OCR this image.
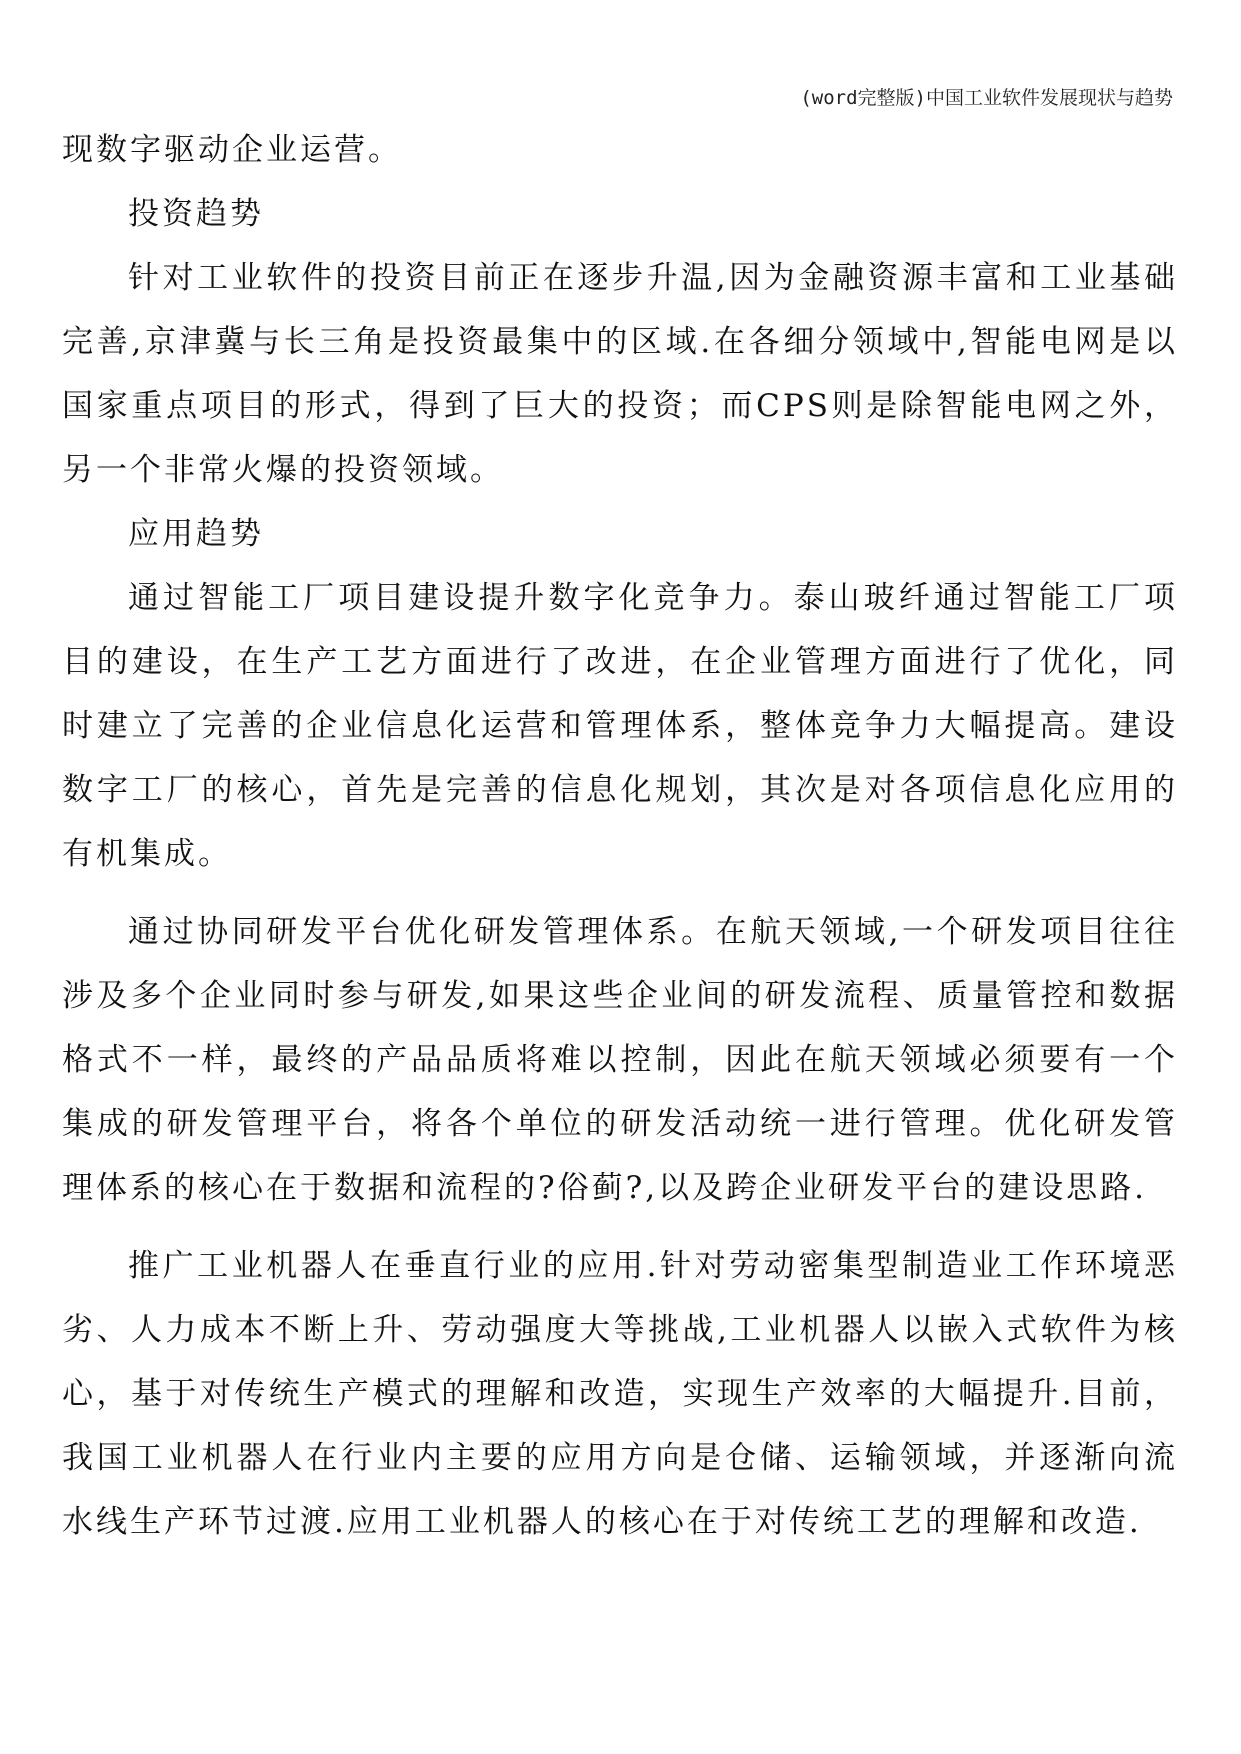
(word完整版)中国工业软件发展现状与趋势

现数字驱动企业运营。

投资趋势

针对工业软件的投资目前正在逐步升温,因为金融资源丰富和工业基础完善,京津冀与长三角是投资最集中的区域.在各细分领域中,智能电网是以国家重点项目的形式，得到了巨大的投资；而CPS则是除智能电网之外，另一个非常火爆的投资领域。

应用趋势

通过智能工厂项目建设提升数字化竞争力。泰山玻纤通过智能工厂项目的建设，在生产工艺方面进行了改进，在企业管理方面进行了优化，同时建立了完善的企业信息化运营和管理体系，整体竞争力大幅提高。建设数字工厂的核心，首先是完善的信息化规划，其次是对各项信息化应用的有机集成。

通过协同研发平台优化研发管理体系。在航天领域,一个研发项目往往涉及多个企业同时参与研发,如果这些企业间的研发流程、质量管控和数据格式不一样，最终的产品品质将难以控制，因此在航天领域必须要有一个集成的研发管理平台，将各个单位的研发活动统一进行管理。优化研发管理体系的核心在于数据和流程的?俗蓟?,以及跨企业研发平台的建设思路.

推广工业机器人在垂直行业的应用.针对劳动密集型制造业工作环境恶劣、人力成本不断上升、劳动强度大等挑战,工业机器人以嵌入式软件为核心，基于对传统生产模式的理解和改造，实现生产效率的大幅提升.目前，我国工业机器人在行业内主要的应用方向是仓储、运输领域，并逐渐向流水线生产环节过渡.应用工业机器人的核心在于对传统工艺的理解和改造.
